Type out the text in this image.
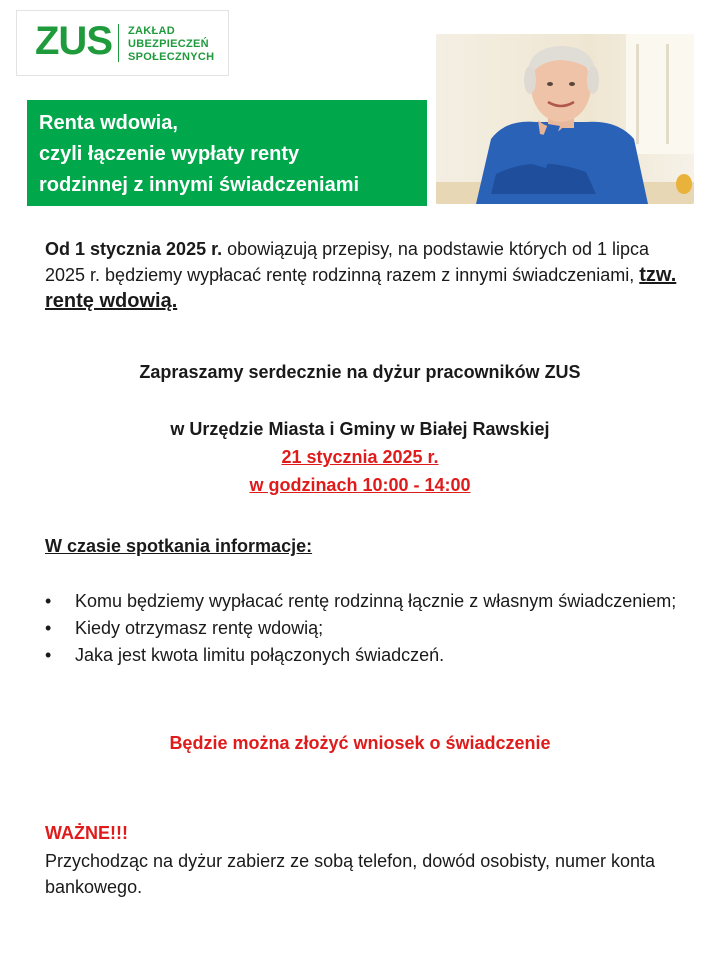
ZUS ZAKŁAD
UBEZPIECZEŃ
SPOŁECZNYCH
Renta wdowia,
czyli łączenie wypłaty renty
rodzinnej z innymi świadczeniami
Od 1 stycznia 2025 r. obowiązują przepisy, na podstawie których od 1 lipca 2025 r. będziemy wypłacać rentę rodzinną razem z innymi świadczeniami, tzw. rentę wdowią.
Zapraszamy serdecznie na dyżur pracowników ZUS
w Urzędzie Miasta i Gminy w Białej Rawskiej
21 stycznia 2025 r.
w godzinach 10:00 - 14:00
W czasie spotkania informacje:
• Komu będziemy wypłacać rentę rodzinną łącznie z własnym świadczeniem;
• Kiedy otrzymasz rentę wdowią;
• Jaka jest kwota limitu połączonych świadczeń.
Będzie można złożyć wniosek o świadczenie
WAŻNE!!!
Przychodząc na dyżur zabierz ze sobą telefon, dowód osobisty, numer konta bankowego.
